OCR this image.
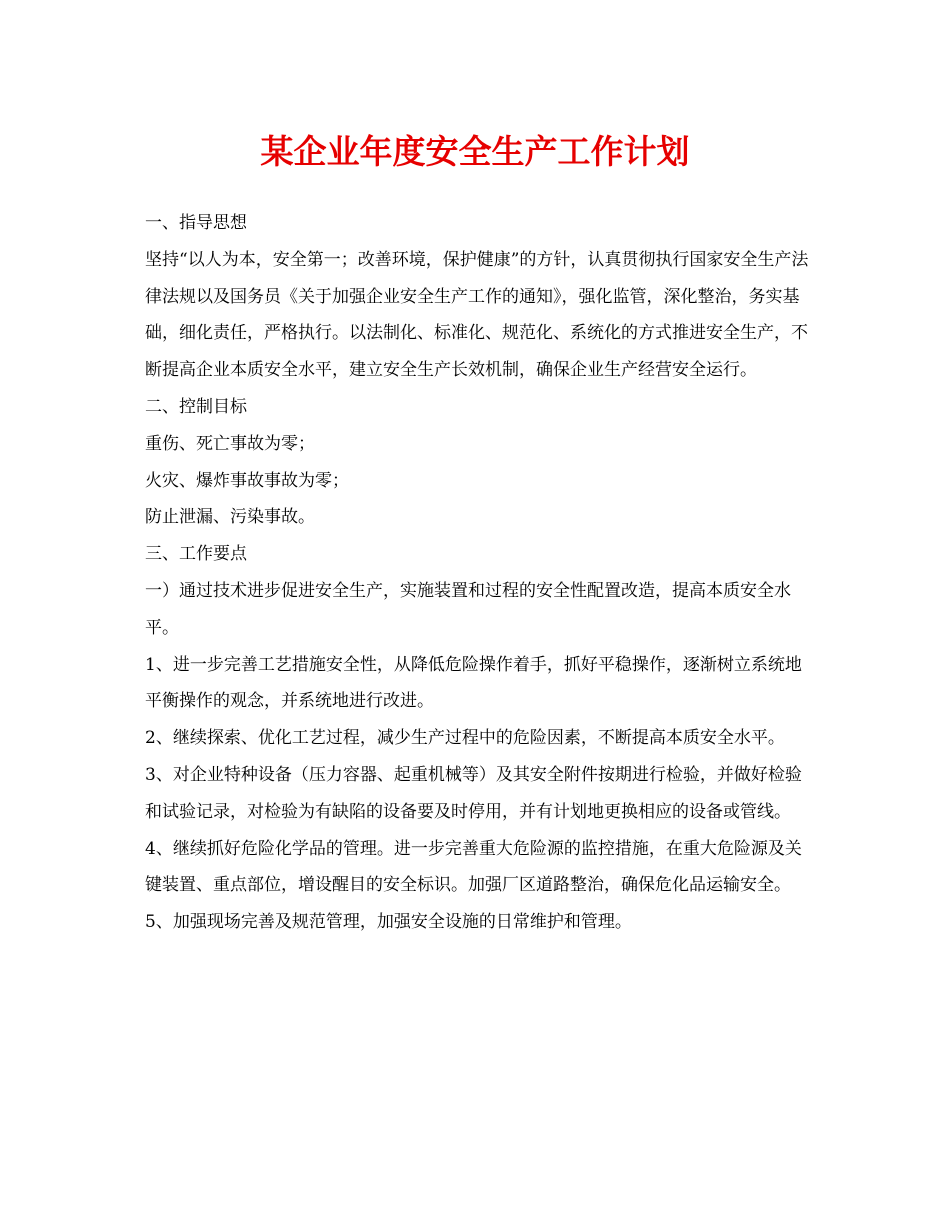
某企业年度安全生产工作计划

一、指导思想

坚持“以人为本，安全第一；改善环境，保护健康”的方针，认真贯彻执行国家安全生产法律法规以及国务员《关于加强企业安全生产工作的通知》，强化监管，深化整治，务实基础，细化责任，严格执行。以法制化、标准化、规范化、系统化的方式推进安全生产，不断提高企业本质安全水平，建立安全生产长效机制，确保企业生产经营安全运行。

二、控制目标

重伤、死亡事故为零；

火灾、爆炸事故事故为零；

防止泄漏、污染事故。

三、工作要点

一）通过技术进步促进安全生产，实施装置和过程的安全性配置改造，提高本质安全水平。

1、进一步完善工艺措施安全性，从降低危险操作着手，抓好平稳操作，逐渐树立系统地平衡操作的观念，并系统地进行改进。

2、继续探索、优化工艺过程，减少生产过程中的危险因素，不断提高本质安全水平。

3、对企业特种设备（压力容器、起重机械等）及其安全附件按期进行检验，并做好检验和试验记录，对检验为有缺陷的设备要及时停用，并有计划地更换相应的设备或管线。

4、继续抓好危险化学品的管理。进一步完善重大危险源的监控措施，在重大危险源及关键装置、重点部位，增设醒目的安全标识。加强厂区道路整治，确保危化品运输安全。

5、加强现场完善及规范管理，加强安全设施的日常维护和管理。
